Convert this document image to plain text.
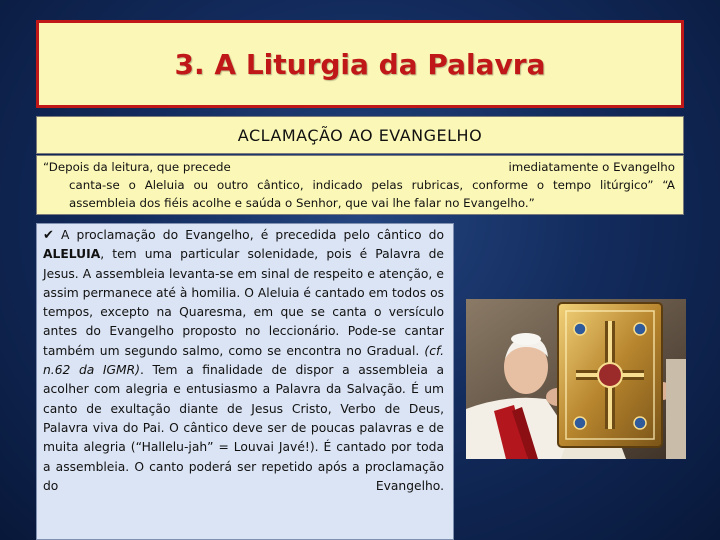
3. A Liturgia da Palavra
ACLAMAÇÃO AO EVANGELHO
“Depois da leitura, que precede	imediatamente o Evangelho
canta-se o Aleluia ou outro cântico, indicado pelas rubricas, conforme o tempo litúrgico” “A
assembleia dos fiéis acolhe e saúda o Senhor, que vai lhe falar no Evangelho.”

✔ A proclamação do Evangelho, é precedida pelo cântico do ALELUIA, tem uma particular solenidade, pois é Palavra de Jesus. A assembleia levanta-se em sinal de respeito e atenção, e assim permanece até à homilia. O Aleluia é cantado em todos os tempos, excepto na Quaresma, em que se canta o versículo antes do Evangelho proposto no leccionário. Pode-se cantar também um segundo salmo, como se encontra no Gradual. (cf. n.62 da IGMR). Tem a finalidade de dispor a assembleia a acolher com alegria e entusiasmo a Palavra da Salvação. É um canto de exultação diante de Jesus Cristo, Verbo de Deus, Palavra viva do Pai. O cântico deve ser de poucas palavras e de muita alegria (“Hallelu-jah” = Louvai Javé!). É cantado por toda a assembleia. O canto poderá ser repetido após a proclamação do Evangelho.
